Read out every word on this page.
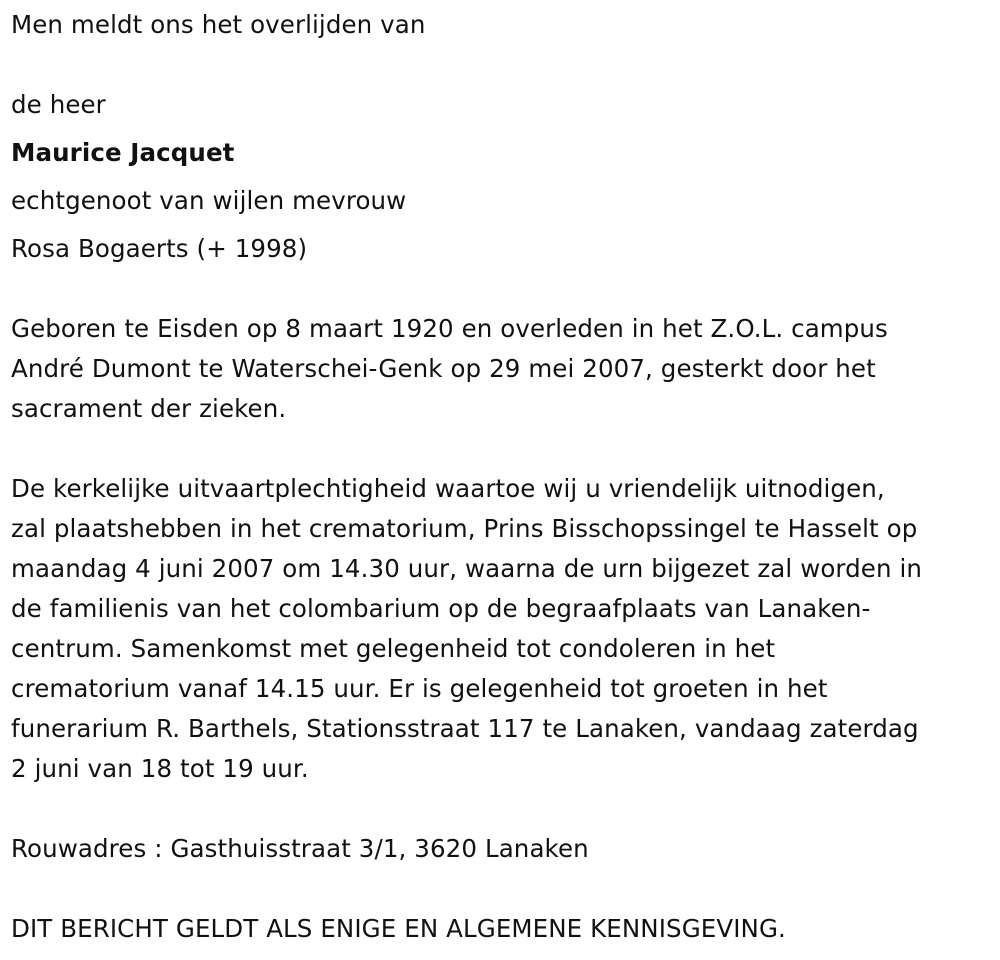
Men meldt ons het overlijden van
de heer
Maurice Jacquet
echtgenoot van wijlen mevrouw
Rosa Bogaerts (+ 1998)
Geboren te Eisden op 8 maart 1920 en overleden in het Z.O.L. campus
André Dumont te Waterschei-Genk op 29 mei 2007, gesterkt door het
sacrament der zieken.
De kerkelijke uitvaartplechtigheid waartoe wij u vriendelijk uitnodigen,
zal plaatshebben in het crematorium, Prins Bisschopssingel te Hasselt op
maandag 4 juni 2007 om 14.30 uur, waarna de urn bijgezet zal worden in
de familienis van het colombarium op de begraafplaats van Lanaken-
centrum. Samenkomst met gelegenheid tot condoleren in het
crematorium vanaf 14.15 uur. Er is gelegenheid tot groeten in het
funerarium R. Barthels, Stationsstraat 117 te Lanaken, vandaag zaterdag
2 juni van 18 tot 19 uur.
Rouwadres : Gasthuisstraat 3/1, 3620 Lanaken
DIT BERICHT GELDT ALS ENIGE EN ALGEMENE KENNISGEVING.
